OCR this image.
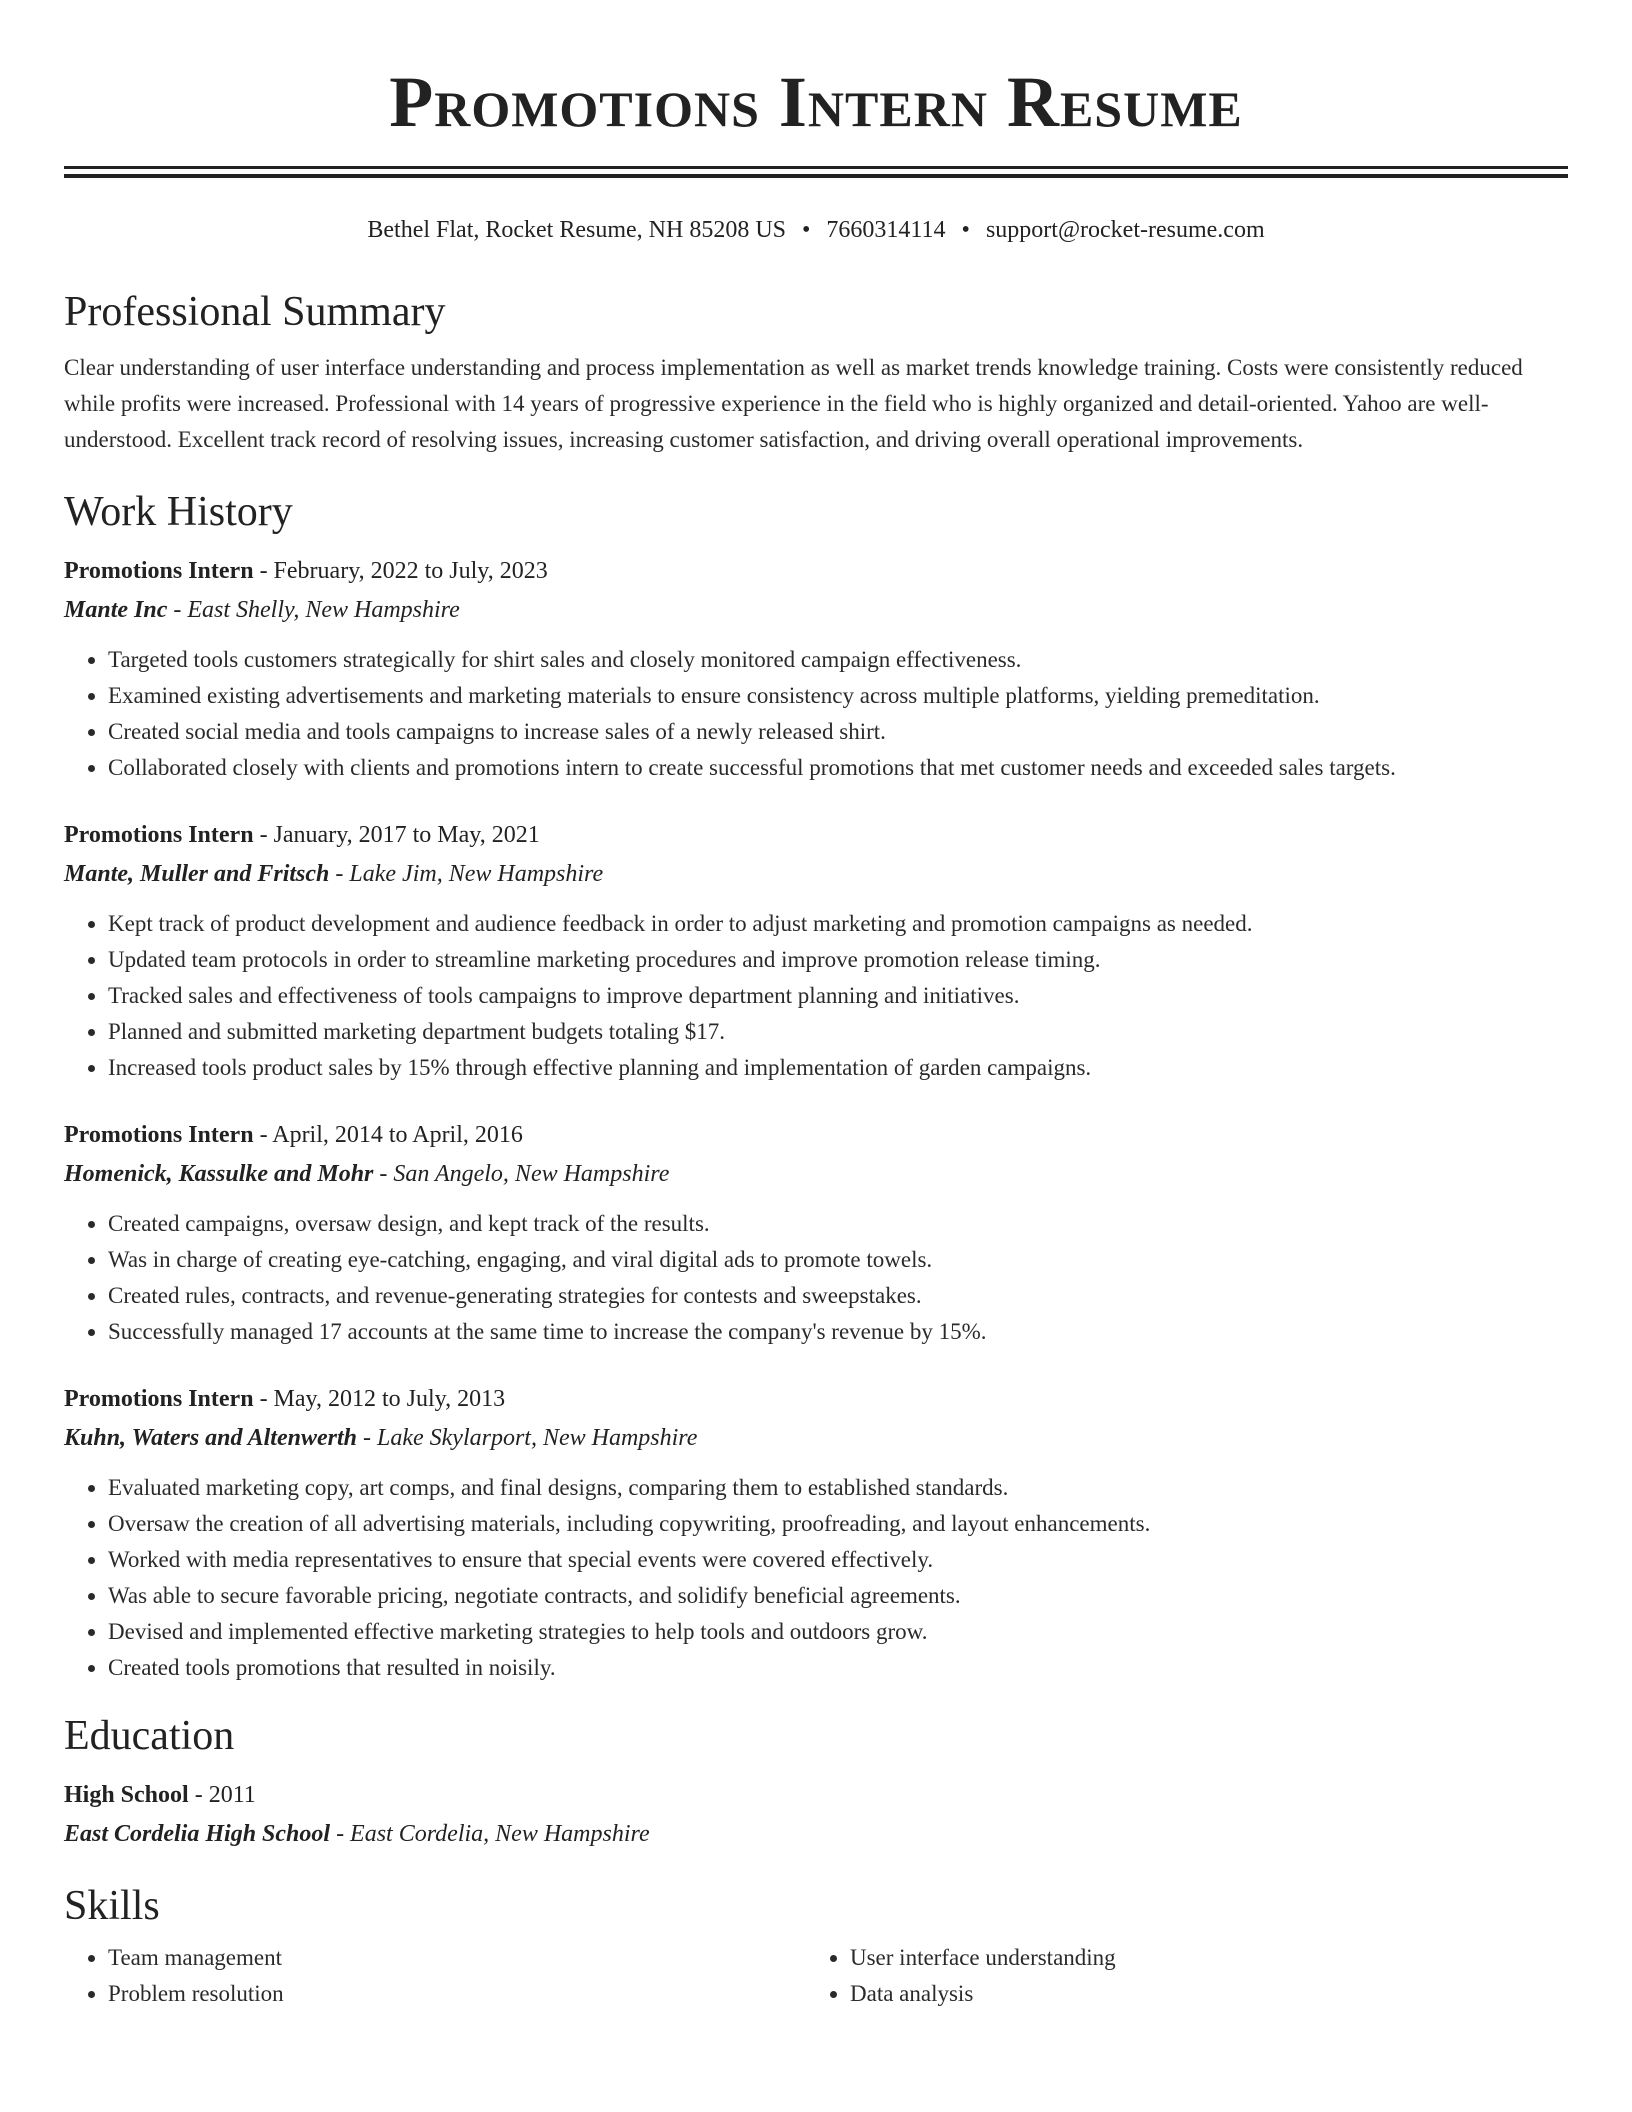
Promotions Intern Resume
Bethel Flat, Rocket Resume, NH 85208 US • 7660314114 • support@rocket-resume.com
Professional Summary

Clear understanding of user interface understanding and process implementation as well as market trends knowledge training. Costs were consistently reduced while profits were increased. Professional with 14 years of progressive experience in the field who is highly organized and detail-oriented. Yahoo are well-understood. Excellent track record of resolving issues, increasing customer satisfaction, and driving overall operational improvements.

Work History
Promotions Intern - February, 2022 to July, 2023
Mante Inc - East Shelly, New Hampshire
• Targeted tools customers strategically for shirt sales and closely monitored campaign effectiveness.
• Examined existing advertisements and marketing materials to ensure consistency across multiple platforms, yielding premeditation.
• Created social media and tools campaigns to increase sales of a newly released shirt.
• Collaborated closely with clients and promotions intern to create successful promotions that met customer needs and exceeded sales targets.
Promotions Intern - January, 2017 to May, 2021
Mante, Muller and Fritsch - Lake Jim, New Hampshire
• Kept track of product development and audience feedback in order to adjust marketing and promotion campaigns as needed.
• Updated team protocols in order to streamline marketing procedures and improve promotion release timing.
• Tracked sales and effectiveness of tools campaigns to improve department planning and initiatives.
• Planned and submitted marketing department budgets totaling $17.
• Increased tools product sales by 15% through effective planning and implementation of garden campaigns.
Promotions Intern - April, 2014 to April, 2016
Homenick, Kassulke and Mohr - San Angelo, New Hampshire
• Created campaigns, oversaw design, and kept track of the results.
• Was in charge of creating eye-catching, engaging, and viral digital ads to promote towels.
• Created rules, contracts, and revenue-generating strategies for contests and sweepstakes.
• Successfully managed 17 accounts at the same time to increase the company's revenue by 15%.
Promotions Intern - May, 2012 to July, 2013
Kuhn, Waters and Altenwerth - Lake Skylarport, New Hampshire
• Evaluated marketing copy, art comps, and final designs, comparing them to established standards.
• Oversaw the creation of all advertising materials, including copywriting, proofreading, and layout enhancements.
• Worked with media representatives to ensure that special events were covered effectively.
• Was able to secure favorable pricing, negotiate contracts, and solidify beneficial agreements.
• Devised and implemented effective marketing strategies to help tools and outdoors grow.
• Created tools promotions that resulted in noisily.
Education
High School - 2011
East Cordelia High School - East Cordelia, New Hampshire
Skills
• Team management
• Problem resolution
• User interface understanding
• Data analysis
